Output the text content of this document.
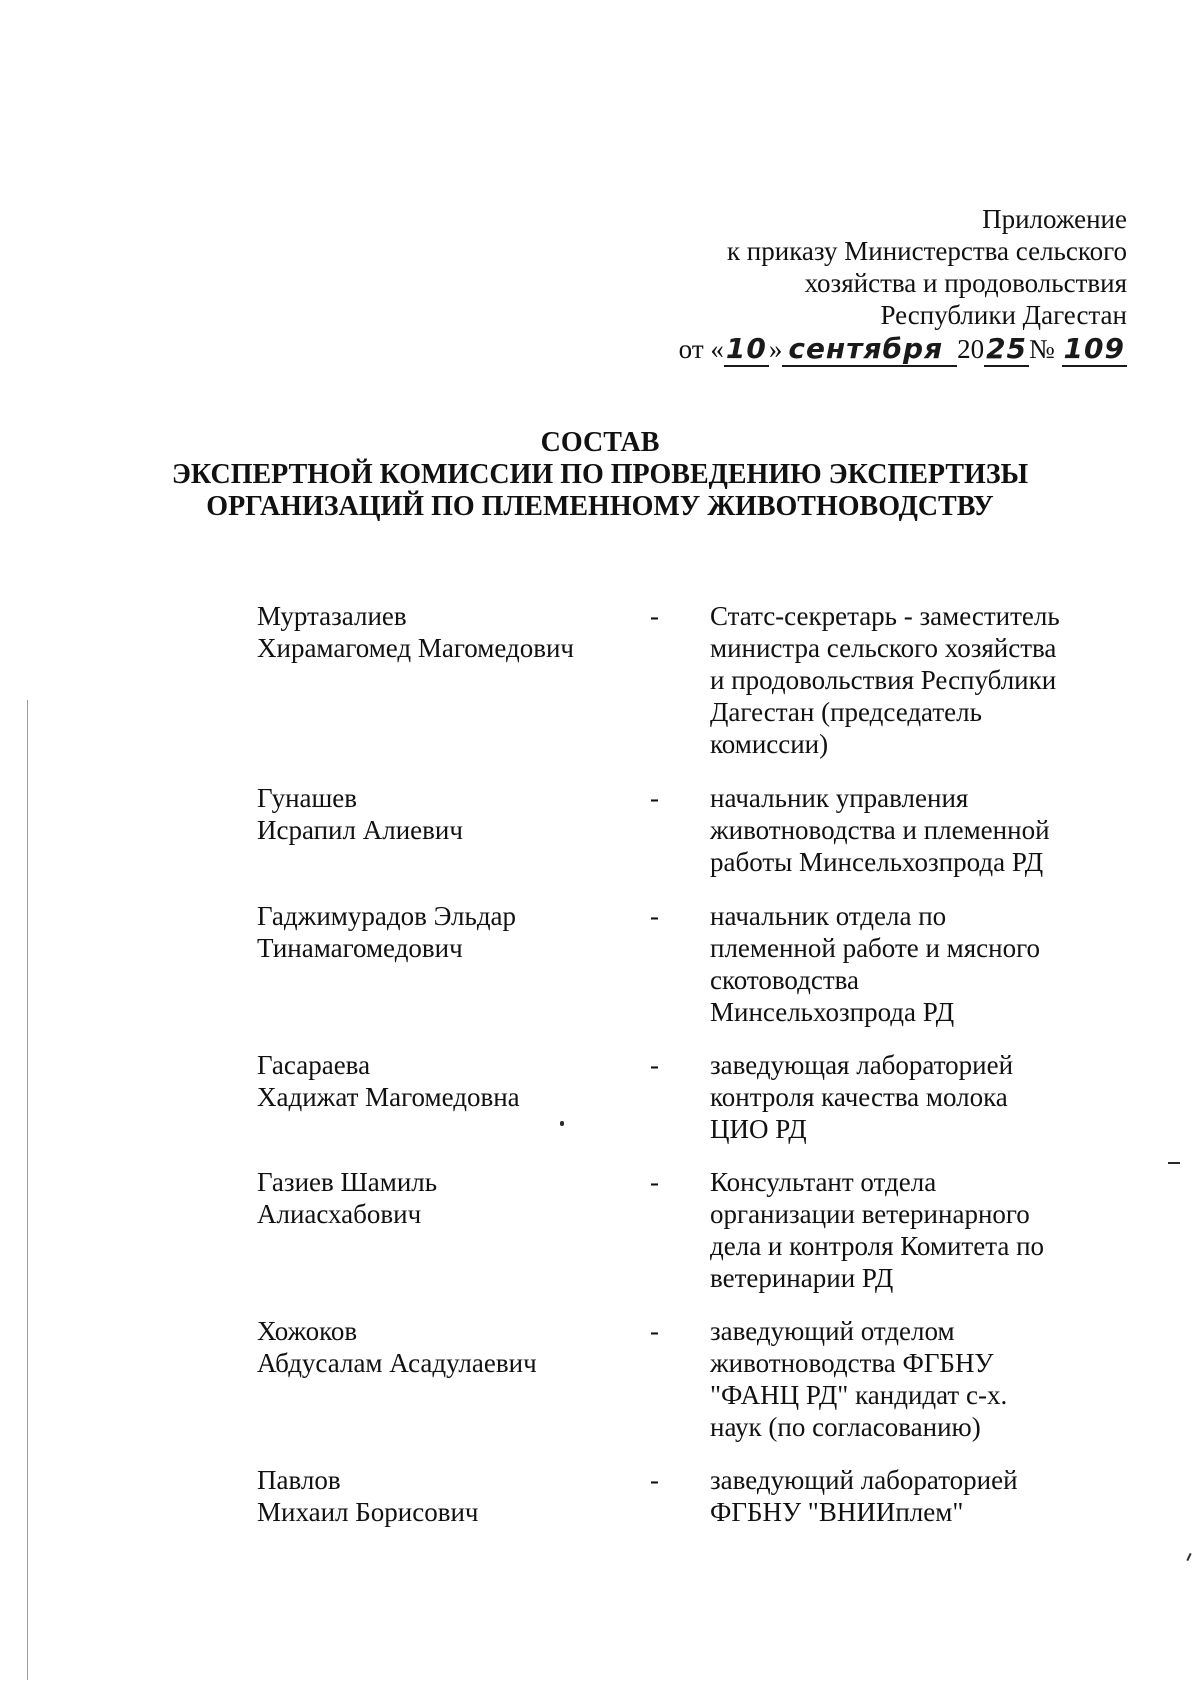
Приложение
к приказу Министерства сельского
хозяйства и продовольствия
Республики Дагестан
от «10» сентября 2025№ 109
СОСТАВ
ЭКСПЕРТНОЙ КОМИССИИ ПО ПРОВЕДЕНИЮ ЭКСПЕРТИЗЫ
ОРГАНИЗАЦИЙ ПО ПЛЕМЕННОМУ ЖИВОТНОВОДСТВУ
Муртазалиев
Хирамагомед Магомедович
- Статс-секретарь - заместитель
министра сельского хозяйства
и продовольствия Республики
Дагестан (председатель
комиссии)
Гунашев
Исрапил Алиевич
- начальник управления
животноводства и племенной
работы Минсельхозпрода РД
Гаджимурадов Эльдар
Тинамагомедович
- начальник отдела по
племенной работе и мясного
скотоводства
Минсельхозпрода РД
Гасараева
Хадижат Магомедовна
- заведующая лабораторией
контроля качества молока
ЦИО РД
Газиев Шамиль
Алиасхабович
- Консультант отдела
организации ветеринарного
дела и контроля Комитета по
ветеринарии РД
Хожоков
Абдусалам Асадулаевич
- заведующий отделом
животноводства ФГБНУ
"ФАНЦ РД" кандидат с-х.
наук (по согласованию)
Павлов
Михаил Борисович
- заведующий лабораторией
ФГБНУ "ВНИИплем"
